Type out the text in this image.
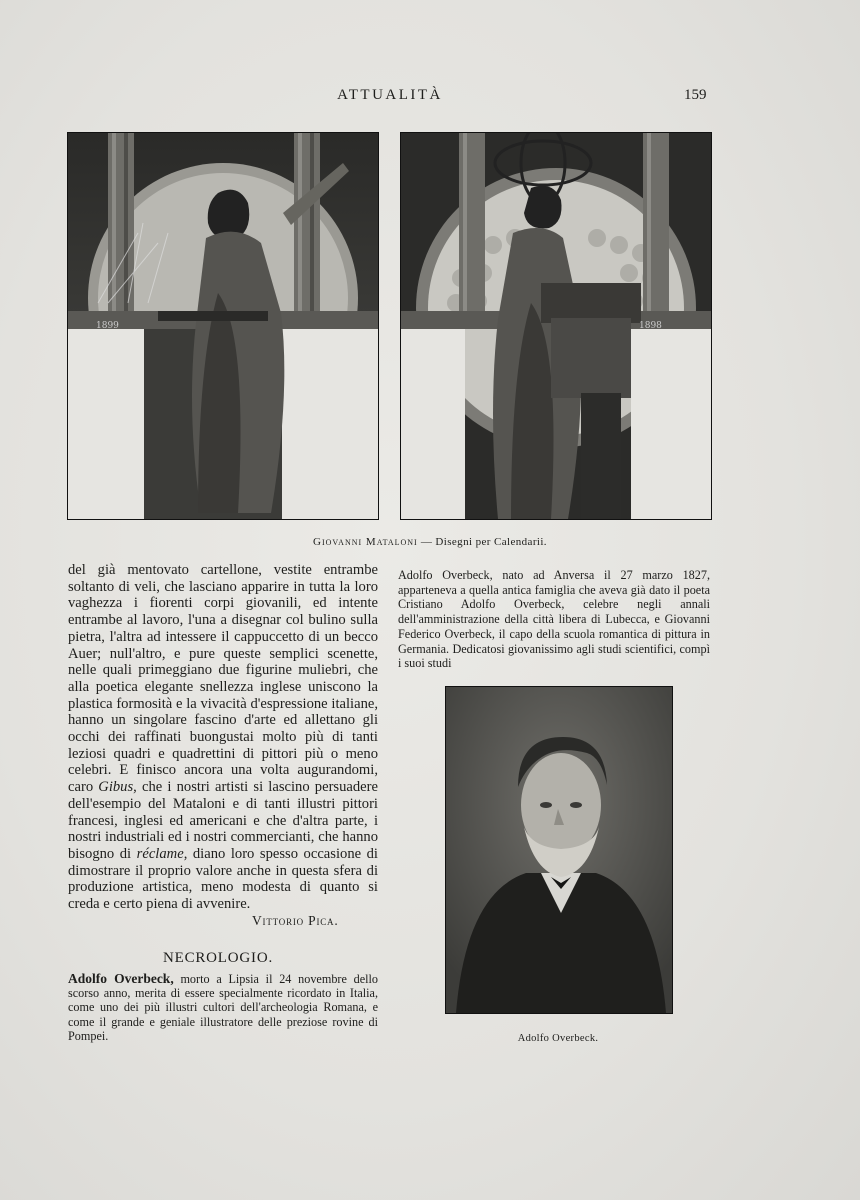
ATTUALITÀ	159
1899	1898
Giovanni Mataloni — Disegni per Calendarii.

del già mentovato cartellone, vestite entrambe soltanto di veli, che lasciano apparire in tutta la loro vaghezza i fiorenti corpi giovanili, ed intente entrambe al lavoro, l'una a disegnar col bulino sulla pietra, l'altra ad intessere il cappuccetto di un becco Auer; null'altro, e pure queste semplici scenette, nelle quali primeggiano due figurine muliebri, che alla poetica elegante snellezza inglese uniscono la plastica formosità e la vivacità d'espressione italiane, hanno un singolare fascino d'arte ed allettano gli occhi dei raffinati buongustai molto più di tanti leziosi quadri e quadrettini di pittori più o meno celebri. E finisco ancora una volta augurandomi, caro Gibus, che i nostri artisti si lascino persuadere dell'esempio del Mataloni e di tanti illustri pittori francesi, inglesi ed americani e che d'altra parte, i nostri industriali ed i nostri commercianti, che hanno bisogno di réclame, diano loro spesso occasione di dimostrare il proprio valore anche in questa sfera di produzione artistica, meno modesta di quanto si creda e certo piena di avvenire.

Vittorio Pica.
NECROLOGIO.

Adolfo Overbeck, morto a Lipsia il 24 novembre dello scorso anno, merita di essere specialmente ricordato in Italia, come uno dei più illustri cultori dell'archeologia Romana, e come il grande e geniale illustratore delle preziose rovine di Pompei.

Adolfo Overbeck, nato ad Anversa il 27 marzo 1827, apparteneva a quella antica famiglia che aveva già dato il poeta Cristiano Adolfo Overbeck, celebre negli annali dell'amministrazione della città libera di Lubecca, e Giovanni Federico Overbeck, il capo della scuola romantica di pittura in Germania. Dedicatosi giovanissimo agli studi scientifici, compì i suoi studi

Adolfo Overbeck.
